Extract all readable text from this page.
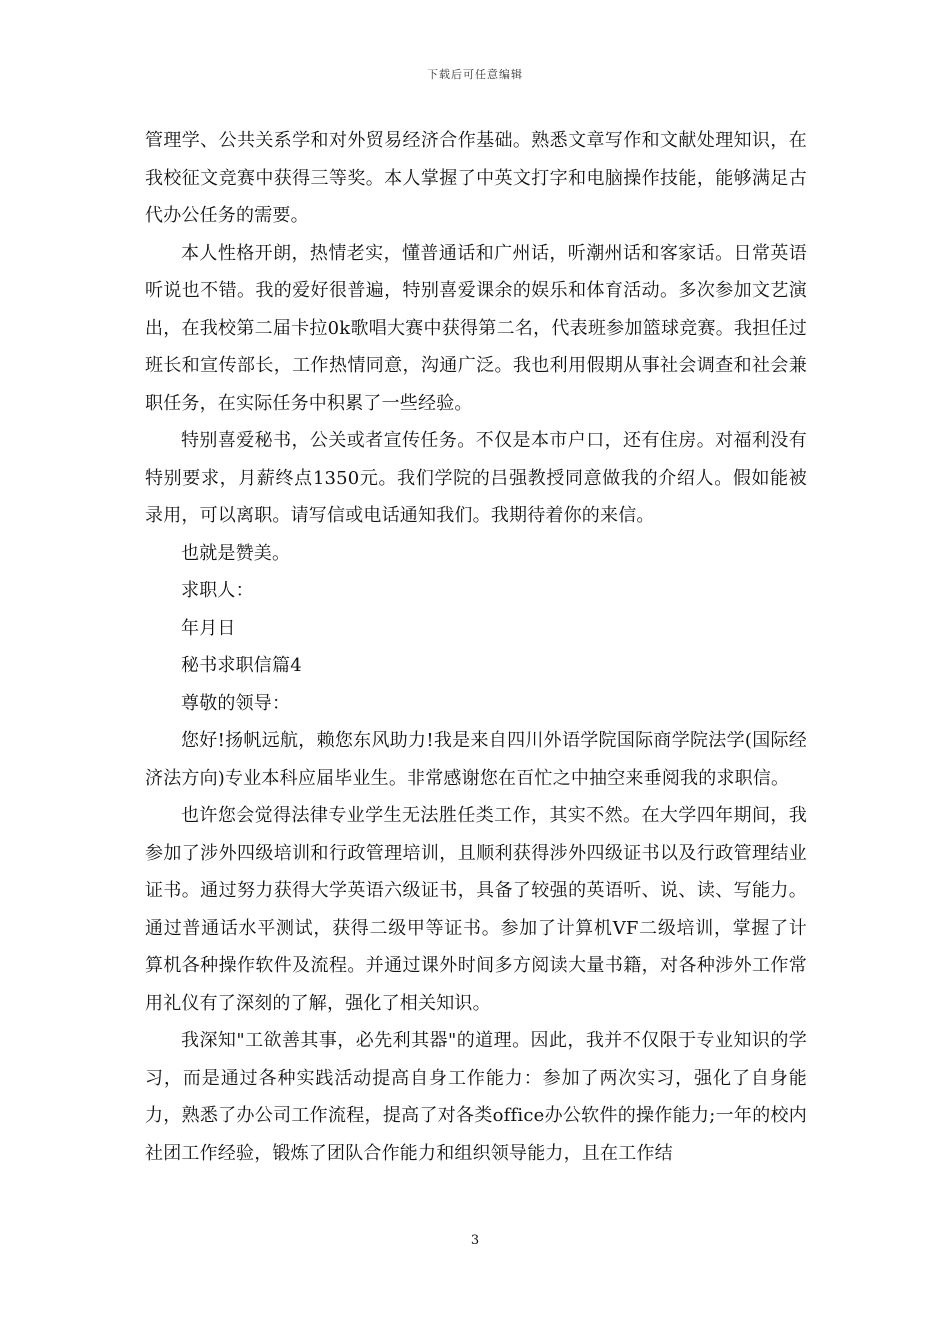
下载后可任意编辑

管理学、公共关系学和对外贸易经济合作基础。熟悉文章写作和文献处理知识，在我校征文竞赛中获得三等奖。本人掌握了中英文打字和电脑操作技能，能够满足古代办公任务的需要。

本人性格开朗，热情老实，懂普通话和广州话，听潮州话和客家话。日常英语听说也不错。我的爱好很普遍，特别喜爱课余的娱乐和体育活动。多次参加文艺演出，在我校第二届卡拉0k歌唱大赛中获得第二名，代表班参加篮球竞赛。我担任过班长和宣传部长，工作热情同意，沟通广泛。我也利用假期从事社会调查和社会兼职任务，在实际任务中积累了一些经验。

特别喜爱秘书，公关或者宣传任务。不仅是本市户口，还有住房。对福利没有特别要求，月薪终点1350元。我们学院的吕强教授同意做我的介绍人。假如能被录用，可以离职。请写信或电话通知我们。我期待着你的来信。

也就是赞美。

求职人：

年月日

秘书求职信篇4

尊敬的领导：

您好!扬帆远航，赖您东风助力!我是来自四川外语学院国际商学院法学(国际经济法方向)专业本科应届毕业生。非常感谢您在百忙之中抽空来垂阅我的求职信。

也许您会觉得法律专业学生无法胜任类工作，其实不然。在大学四年期间，我参加了涉外四级培训和行政管理培训，且顺利获得涉外四级证书以及行政管理结业证书。通过努力获得大学英语六级证书，具备了较强的英语听、说、读、写能力。通过普通话水平测试，获得二级甲等证书。参加了计算机VF二级培训，掌握了计算机各种操作软件及流程。并通过课外时间多方阅读大量书籍，对各种涉外工作常用礼仪有了深刻的了解，强化了相关知识。

我深知"工欲善其事，必先利其器"的道理。因此，我并不仅限于专业知识的学习，而是通过各种实践活动提高自身工作能力：参加了两次实习，强化了自身能力，熟悉了办公司工作流程，提高了对各类office办公软件的操作能力;一年的校内社团工作经验，锻炼了团队合作能力和组织领导能力，且在工作结

3
